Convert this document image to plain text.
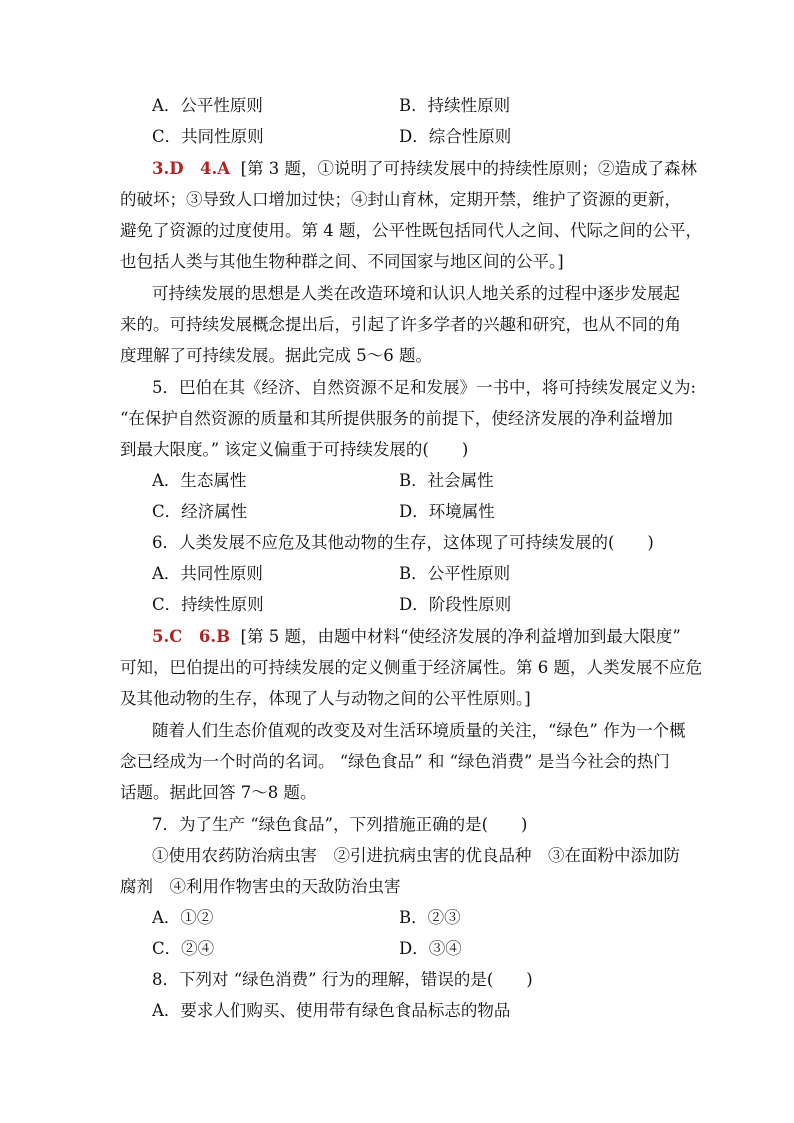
A．公平性原则	B．持续性原则
C．共同性原则	D．综合性原则
3.D　4.A [第 3 题，①说明了可持续发展中的持续性原则；②造成了森林
的破坏；③导致人口增加过快；④封山育林，定期开禁，维护了资源的更新，
避免了资源的过度使用。第 4 题，公平性既包括同代人之间、代际之间的公平，
也包括人类与其他生物种群之间、不同国家与地区间的公平。]
可持续发展的思想是人类在改造环境和认识人地关系的过程中逐步发展起
来的。可持续发展概念提出后，引起了许多学者的兴趣和研究，也从不同的角
度理解了可持续发展。据此完成 5～6 题。
5．巴伯在其《经济、自然资源不足和发展》一书中，将可持续发展定义为:
“在保护自然资源的质量和其所提供服务的前提下，使经济发展的净利益增加
到最大限度。” 该定义偏重于可持续发展的(　　)
A．生态属性	B．社会属性
C．经济属性	D．环境属性
6．人类发展不应危及其他动物的生存，这体现了可持续发展的(　　)
A．共同性原则	B．公平性原则
C．持续性原则	D．阶段性原则
5.C　6.B [第 5 题，由题中材料“使经济发展的净利益增加到最大限度”
可知，巴伯提出的可持续发展的定义侧重于经济属性。第 6 题，人类发展不应危
及其他动物的生存，体现了人与动物之间的公平性原则。]
随着人们生态价值观的改变及对生活环境质量的关注，“绿色” 作为一个概
念已经成为一个时尚的名词。 “绿色食品” 和 “绿色消费” 是当今社会的热门
话题。据此回答 7～8 题。
7．为了生产 “绿色食品”，下列措施正确的是(　　)
①使用农药防治病虫害　②引进抗病虫害的优良品种　③在面粉中添加防
腐剂　④利用作物害虫的天敌防治虫害
A．①②	B．②③
C．②④	D．③④
8．下列对 “绿色消费” 行为的理解，错误的是(　　)
A．要求人们购买、使用带有绿色食品标志的物品
